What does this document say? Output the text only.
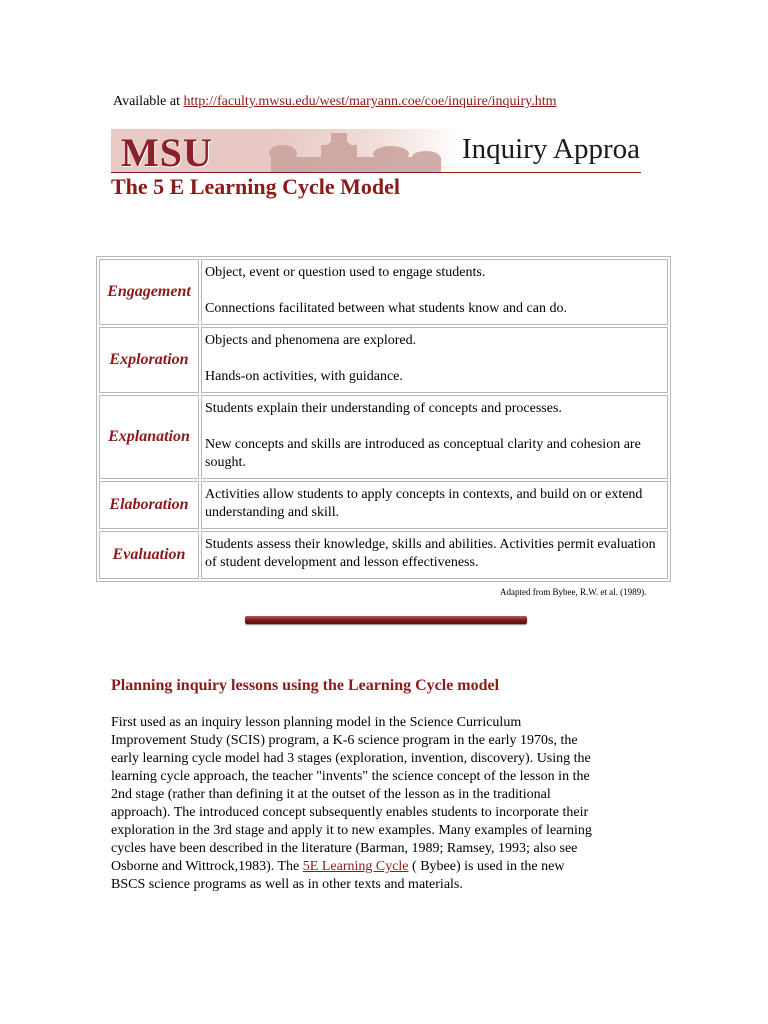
Available at http://faculty.mwsu.edu/west/maryann.coe/coe/inquire/inquiry.htm
MSU	Inquiry Approa
The 5 E Learning Cycle Model
Engagement	Object, event or question used to engage students.

Connections facilitated between what students know and can do.

Exploration	Objects and phenomena are explored.

Hands-on activities, with guidance.

Explanation	Students explain their understanding of concepts and processes.

New concepts and skills are introduced as conceptual clarity and cohesion are sought.

Elaboration	Activities allow students to apply concepts in contexts, and build on or extend understanding and skill.

Evaluation	Students assess their knowledge, skills and abilities. Activities permit evaluation of student development and lesson effectiveness.

Adapted from Bybee, R.W. et al. (1989).
Planning inquiry lessons using the Learning Cycle model

First used as an inquiry lesson planning model in the Science Curriculum Improvement Study (SCIS) program, a K-6 science program in the early 1970s, the early learning cycle model had 3 stages (exploration, invention, discovery). Using the learning cycle approach, the teacher "invents" the science concept of the lesson in the 2nd stage (rather than defining it at the outset of the lesson as in the traditional approach). The introduced concept subsequently enables students to incorporate their exploration in the 3rd stage and apply it to new examples. Many examples of learning cycles have been described in the literature (Barman, 1989; Ramsey, 1993; also see Osborne and Wittrock,1983). The 5E Learning Cycle ( Bybee) is used in the new BSCS science programs as well as in other texts and materials.
